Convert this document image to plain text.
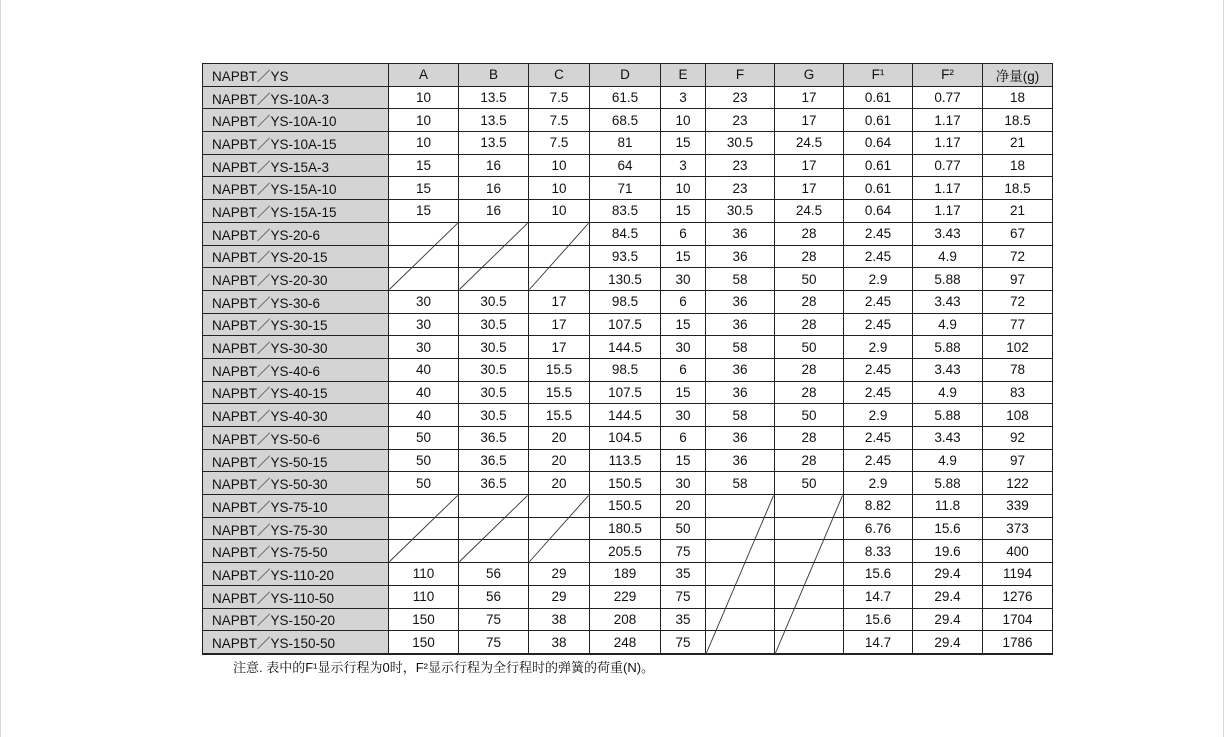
NAPBT／YS	A	B	C	D	E	F	G	F¹	F²	净量(g)
NAPBT／YS-10A-3	10	13.5	7.5	61.5	3	23	17	0.61	0.77	18
NAPBT／YS-10A-10	10	13.5	7.5	68.5	10	23	17	0.61	1.17	18.5
NAPBT／YS-10A-15	10	13.5	7.5	81	15	30.5	24.5	0.64	1.17	21
NAPBT／YS-15A-3	15	16	10	64	3	23	17	0.61	0.77	18
NAPBT／YS-15A-10	15	16	10	71	10	23	17	0.61	1.17	18.5
NAPBT／YS-15A-15	15	16	10	83.5	15	30.5	24.5	0.64	1.17	21
NAPBT／YS-20-6				84.5	6	36	28	2.45	3.43	67
NAPBT／YS-20-15				93.5	15	36	28	2.45	4.9	72
NAPBT／YS-20-30				130.5	30	58	50	2.9	5.88	97
NAPBT／YS-30-6	30	30.5	17	98.5	6	36	28	2.45	3.43	72
NAPBT／YS-30-15	30	30.5	17	107.5	15	36	28	2.45	4.9	77
NAPBT／YS-30-30	30	30.5	17	144.5	30	58	50	2.9	5.88	102
NAPBT／YS-40-6	40	30.5	15.5	98.5	6	36	28	2.45	3.43	78
NAPBT／YS-40-15	40	30.5	15.5	107.5	15	36	28	2.45	4.9	83
NAPBT／YS-40-30	40	30.5	15.5	144.5	30	58	50	2.9	5.88	108
NAPBT／YS-50-6	50	36.5	20	104.5	6	36	28	2.45	3.43	92
NAPBT／YS-50-15	50	36.5	20	113.5	15	36	28	2.45	4.9	97
NAPBT／YS-50-30	50	36.5	20	150.5	30	58	50	2.9	5.88	122
NAPBT／YS-75-10				150.5	20			8.82	11.8	339
NAPBT／YS-75-30				180.5	50			6.76	15.6	373
NAPBT／YS-75-50				205.5	75			8.33	19.6	400
NAPBT／YS-110-20	110	56	29	189	35			15.6	29.4	1194
NAPBT／YS-110-50	110	56	29	229	75			14.7	29.4	1276
NAPBT／YS-150-20	150	75	38	208	35			15.6	29.4	1704
NAPBT／YS-150-50	150	75	38	248	75			14.7	29.4	1786
注意. 表中的F¹显示行程为0时，F²显示行程为全行程时的弹簧的荷重(N)。
